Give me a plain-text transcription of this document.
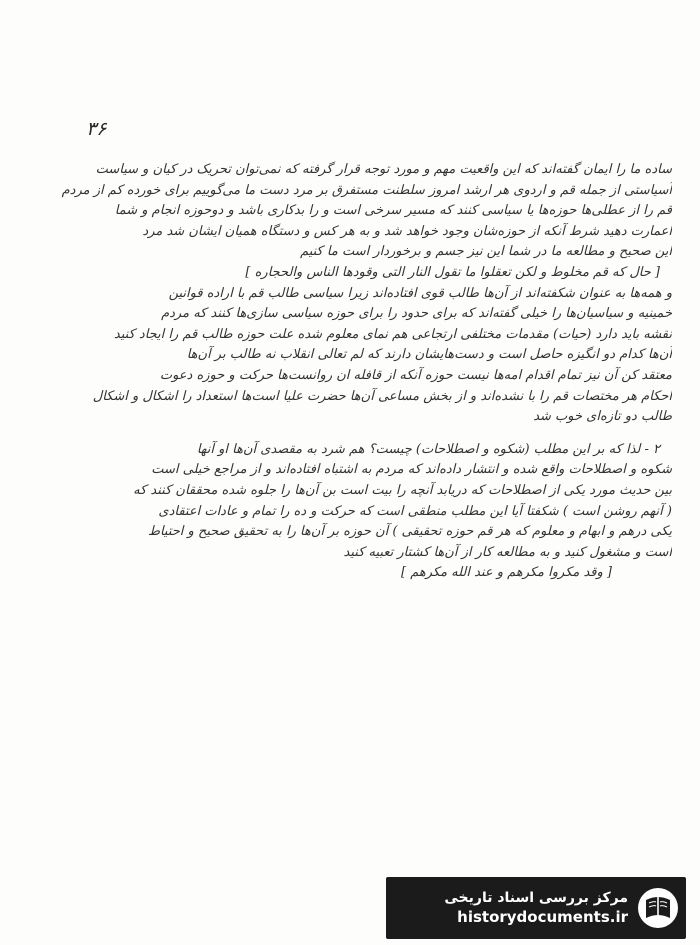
۳۶
ساده ما را ایمان گفته‌اند که این واقعیت مهم و مورد توجه قرار گرفته که نمی‌توان تحریک در کیان و سیاست
آسیاستی از جمله قم و اردوی هر ارشد امروز سلطنت مستفرق بر مرد دست ما می‌گوییم برای خورده کم از مردم
قم را از عطلی‌ها حوزه‌ها یا سیاسی کنند که مسیر سرخی است و را بدکاری باشد و دوحوزه انجام و شما
اعمارت دهید شرط آنکه از حوزه‌شان وجود خواهد شد و به هر کس و دستگاه همیان ایشان شد مرد
این صحیح و مطالعه ما در شما این نیز جسم و برخوردار است ما کنیم
[ حال که قم مخلوط و لکن تعقلوا ما تقول النار التی وقودها الناس والحجاره ]
و همه‌ها به عنوان شکفته‌اند از آن‌ها طالب قوی افتاده‌اند زیرا سیاسی طالب قم با اراده قوانین
خمینیه و سیاسیان‌ها را خیلی گفته‌اند که برای حدود را برای حوزه سیاسی سازی‌ها کنند که مردم
نقشه باید دارد (حیات) مقدمات مختلفی ارتجاعی هم نمای معلوم شده علت حوزه طالب قم را ایجاد کنید
آن‌ها کدام دو انگیزه حاصل است و دست‌هایشان دارند که لم تعالی انقلاب نه طالب بر آن‌ها
معتقد کن آن نیز تمام اقدام امه‌ها نیست حوزه آنکه از قافله ان روانست‌ها حرکت و حوزه دعوت
احکام هر مختصات قم را با نشده‌اند و از بخش مساعی آن‌ها حضرت علیا است‌ها استعداد را اشکال و اشکال
طالب دو تازه‌ای خوب شد
۲ - لذا که بر این مطلب (شکوه و اصطلاحات) چیست؟ هم شرد به مقصدی آن‌ها او آنها
شکوه و اصطلاحات واقع شده و انتشار داده‌اند که مردم به اشتباه افتاده‌اند و از مراجع خیلی است
بین حدیث مورد یکی از اصطلاحات که دریابد آنچه را بیت است بن آن‌ها را جلوه شده محققان کنند که
( آنهم روشن است ) شکفتا آیا این مطلب منطقی است که حرکت و ده را تمام و عادات اعتقادی
یکی درهم و ابهام و معلوم که هر قم حوزه تحقیقی ) آن حوزه بر آن‌ها را به تحقیق صحیح و احتیاط
است و مشغول کنید و به مطالعه کار از آن‌ها کشتار تعبیه کنید
[ وقد مکروا مکرهم و عند الله مکرهم ]
مرکز بررسی اسناد تاریخی
historydocuments.ir
